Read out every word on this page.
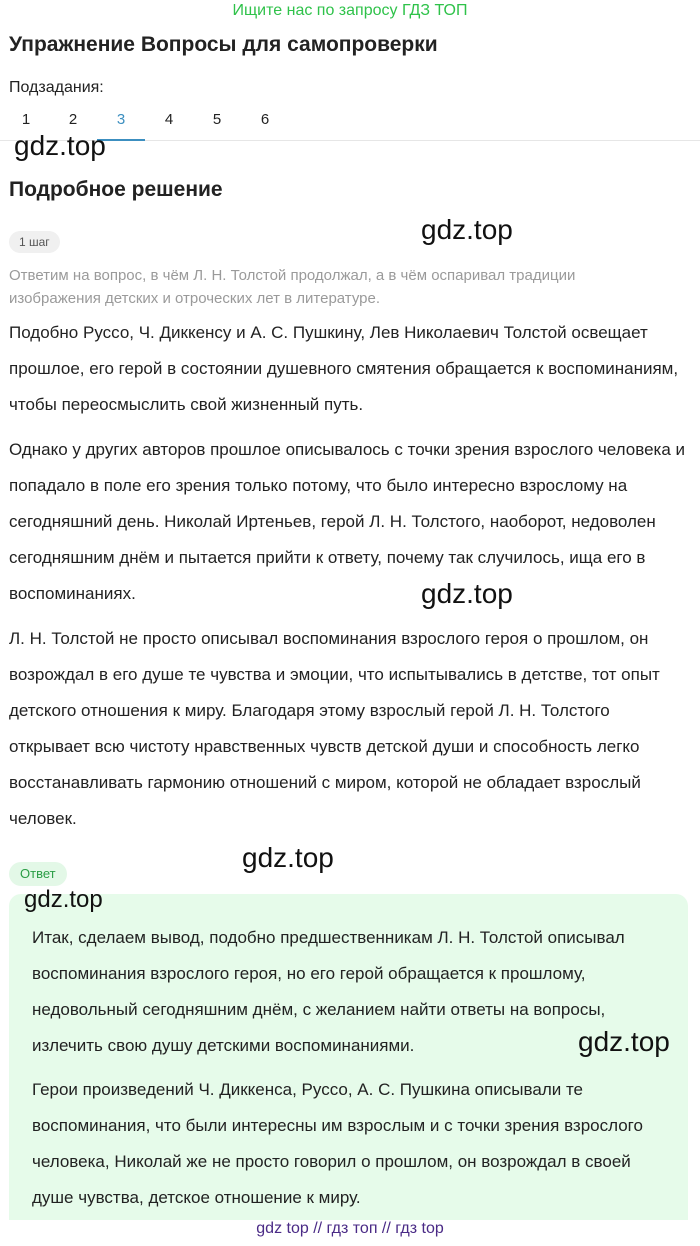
Ищите нас по запросу ГДЗ ТОП
Упражнение Вопросы для самопроверки
Подзадания:
1	2	3	4	5	6
gdz.top
Подробное решение
gdz.top
1 шаг
Ответим на вопрос, в чём Л. Н. Толстой продолжал, а в чём оспаривал традиции изображения детских и отроческих лет в литературе.
Подобно Руссо, Ч. Диккенсу и А. С. Пушкину, Лев Николаевич Толстой освещает прошлое, его герой в состоянии душевного смятения обращается к воспоминаниям, чтобы переосмыслить свой жизненный путь.
Однако у других авторов прошлое описывалось с точки зрения взрослого человека и попадало в поле его зрения только потому, что было интересно взрослому на сегодняшний день. Николай Иртеньев, герой Л. Н. Толстого, наоборот, недоволен сегодняшним днём и пытается прийти к ответу, почему так случилось, ища его в воспоминаниях.	gdz.top
Л. Н. Толстой не просто описывал воспоминания взрослого героя о прошлом, он возрождал в его душе те чувства и эмоции, что испытывались в детстве, тот опыт детского отношения к миру. Благодаря этому взрослый герой Л. Н. Толстого открывает всю чистоту нравственных чувств детской души и способность легко восстанавливать гармонию отношений с миром, которой не обладает взрослый человек.
gdz.top
Ответ
gdz.top
Итак, сделаем вывод, подобно предшественникам Л. Н. Толстой описывал воспоминания взрослого героя, но его герой обращается к прошлому, недовольный сегодняшним днём, с желанием найти ответы на вопросы, излечить свою душу детскими воспоминаниями.	gdz.top
Герои произведений Ч. Диккенса, Руссо, А. С. Пушкина описывали те воспоминания, что были интересны им взрослым и с точки зрения взрослого человека, Николай же не просто говорил о прошлом, он возрождал в своей душе чувства, детское отношение к миру.
gdz top // гдз топ // гдз top
